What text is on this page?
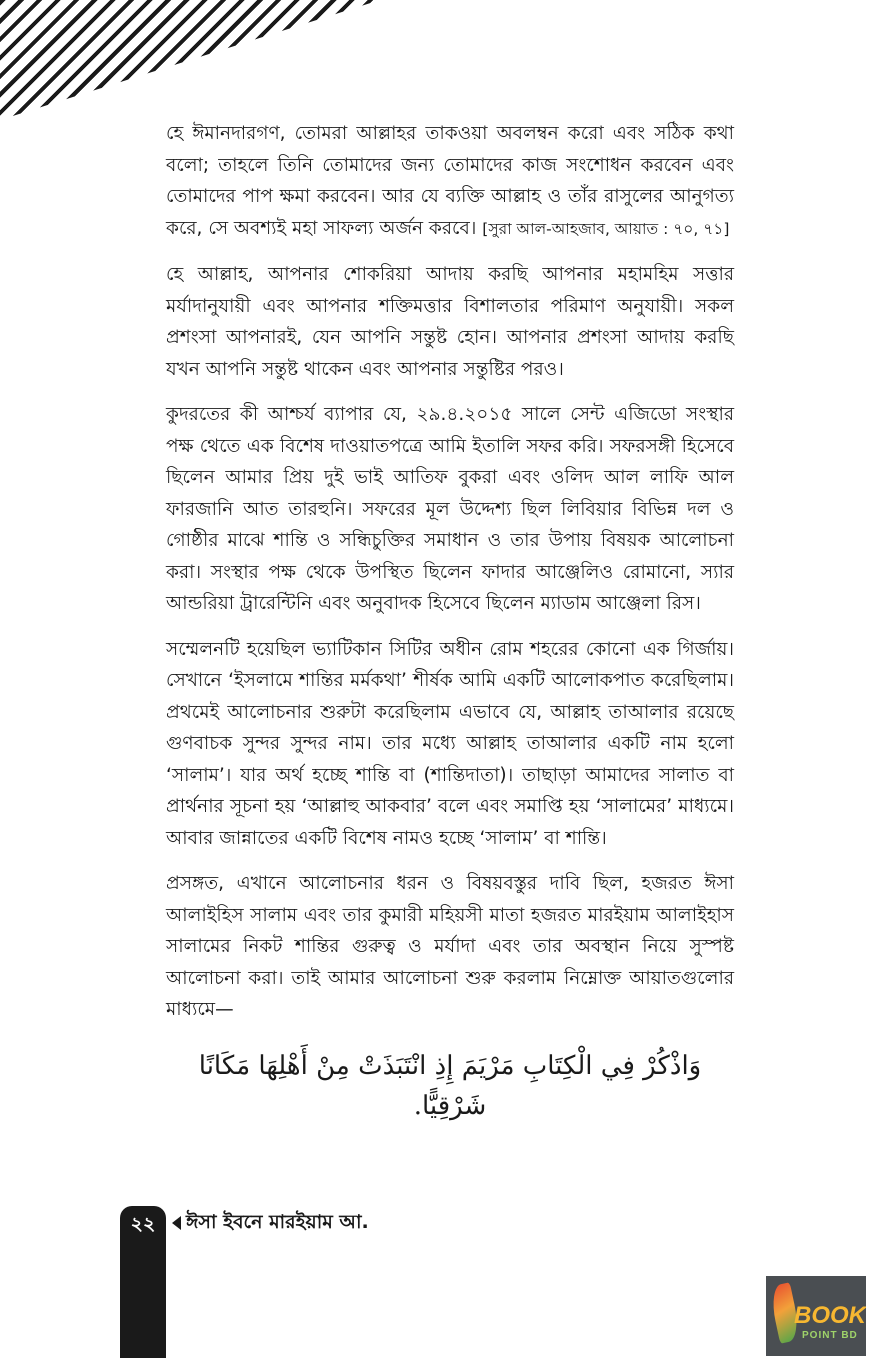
হে ঈমানদারগণ, তোমরা আল্লাহর তাকওয়া অবলম্বন করো এবং সঠিক কথা বলো; তাহলে তিনি তোমাদের জন্য তোমাদের কাজ সংশোধন করবেন এবং তোমাদের পাপ ক্ষমা করবেন। আর যে ব্যক্তি আল্লাহ ও তাঁর রাসুলের আনুগত্য করে, সে অবশ্যই মহা সাফল্য অর্জন করবে। [সুরা আল-আহজাব, আয়াত : ৭০, ৭১]

হে আল্লাহ, আপনার শোকরিয়া আদায় করছি আপনার মহামহিম সত্তার মর্যাদানুযায়ী এবং আপনার শক্তিমত্তার বিশালতার পরিমাণ অনুযায়ী। সকল প্রশংসা আপনারই, যেন আপনি সন্তুষ্ট হোন। আপনার প্রশংসা আদায় করছি যখন আপনি সন্তুষ্ট থাকেন এবং আপনার সন্তুষ্টির পরও।

কুদরতের কী আশ্চর্য ব্যাপার যে, ২৯.৪.২০১৫ সালে সেন্ট এজিডো সংস্থার পক্ষ থেতে এক বিশেষ দাওয়াতপত্রে আমি ইতালি সফর করি। সফরসঙ্গী হিসেবে ছিলেন আমার প্রিয় দুই ভাই আতিফ বুকরা এবং ওলিদ আল লাফি আল ফারজানি আত তারহুনি। সফরের মূল উদ্দেশ্য ছিল লিবিয়ার বিভিন্ন দল ও গোষ্ঠীর মাঝে শান্তি ও সন্ধিচুক্তির সমাধান ও তার উপায় বিষয়ক আলোচনা করা। সংস্থার পক্ষ থেকে উপস্থিত ছিলেন ফাদার আঞ্জেলিও রোমানো, স্যার আন্ডরিয়া ট্রারেন্টিনি এবং অনুবাদক হিসেবে ছিলেন ম্যাডাম আঞ্জেলা রিস।

সম্মেলনটি হয়েছিল ভ্যাটিকান সিটির অধীন রোম শহরের কোনো এক গির্জায়। সেখানে ‘ইসলামে শান্তির মর্মকথা’ শীর্ষক আমি একটি আলোকপাত করেছিলাম। প্রথমেই আলোচনার শুরুটা করেছিলাম এভাবে যে, আল্লাহ তাআলার রয়েছে গুণবাচক সুন্দর সুন্দর নাম। তার মধ্যে আল্লাহ তাআলার একটি নাম হলো ‘সালাম’। যার অর্থ হচ্ছে শান্তি বা (শান্তিদাতা)। তাছাড়া আমাদের সালাত বা প্রার্থনার সূচনা হয় ‘আল্লাহু আকবার’ বলে এবং সমাপ্তি হয় ‘সালামের’ মাধ্যমে। আবার জান্নাতের একটি বিশেষ নামও হচ্ছে ‘সালাম’ বা শান্তি।

প্রসঙ্গত, এখানে আলোচনার ধরন ও বিষয়বস্তুর দাবি ছিল, হজরত ঈসা আলাইহিস সালাম এবং তার কুমারী মহিয়সী মাতা হজরত মারইয়াম আলাইহাস সালামের নিকট শান্তির গুরুত্ব ও মর্যাদা এবং তার অবস্থান নিয়ে সুস্পষ্ট আলোচনা করা। তাই আমার আলোচনা শুরু করলাম নিম্নোক্ত আয়াতগুলোর মাধ্যমে—

وَاذْكُرْ فِي الْكِتَابِ مَرْيَمَ إِذِ انْتَبَذَتْ مِنْ أَهْلِهَا مَكَانًا شَرْقِيًّا.

২২	ঈসা ইবনে মারইয়াম আ.
BOOK
POINT BD
